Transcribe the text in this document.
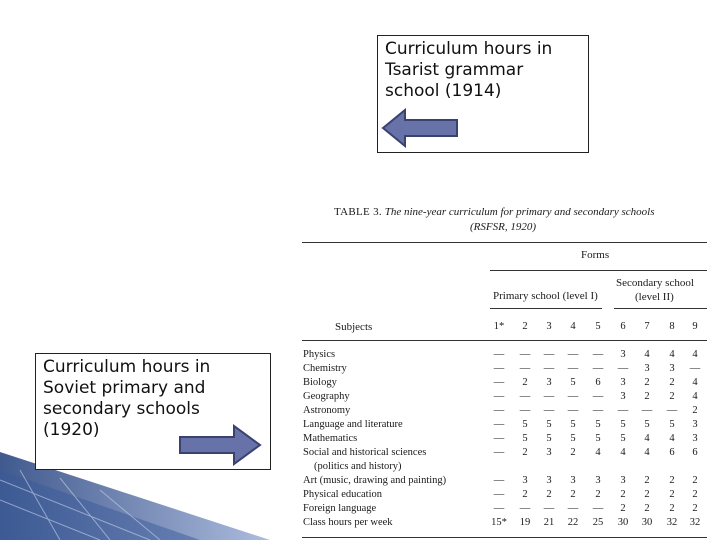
Curriculum hours in
Tsarist grammar
school (1914)
Curriculum hours in
Soviet primary and
secondary schools
(1920)
TABLE 3. The nine-year curriculum for primary and secondary schools
(RSFSR, 1920)
Forms
Primary school (level I)
Secondary school
(level II)
Subjects	1*	2	3	4	5	6	7	8	9
Physics	—	—	—	—	—	3	4	4	4
Chemistry	—	—	—	—	—	—	3	3	—
Biology	—	2	3	5	6	3	2	2	4
Geography	—	—	—	—	—	3	2	2	4
Astronomy	—	—	—	—	—	—	—	—	2
Language and literature	—	5	5	5	5	5	5	5	3
Mathematics	—	5	5	5	5	5	4	4	3
Social and historical sciences	—	2	3	2	4	4	4	6	6
(politics and history)
Art (music, drawing and painting)	—	3	3	3	3	3	2	2	2
Physical education	—	2	2	2	2	2	2	2	2
Foreign language	—	—	—	—	—	2	2	2	2
Class hours per week	15*	19	21	22	25	30	30	32	32
